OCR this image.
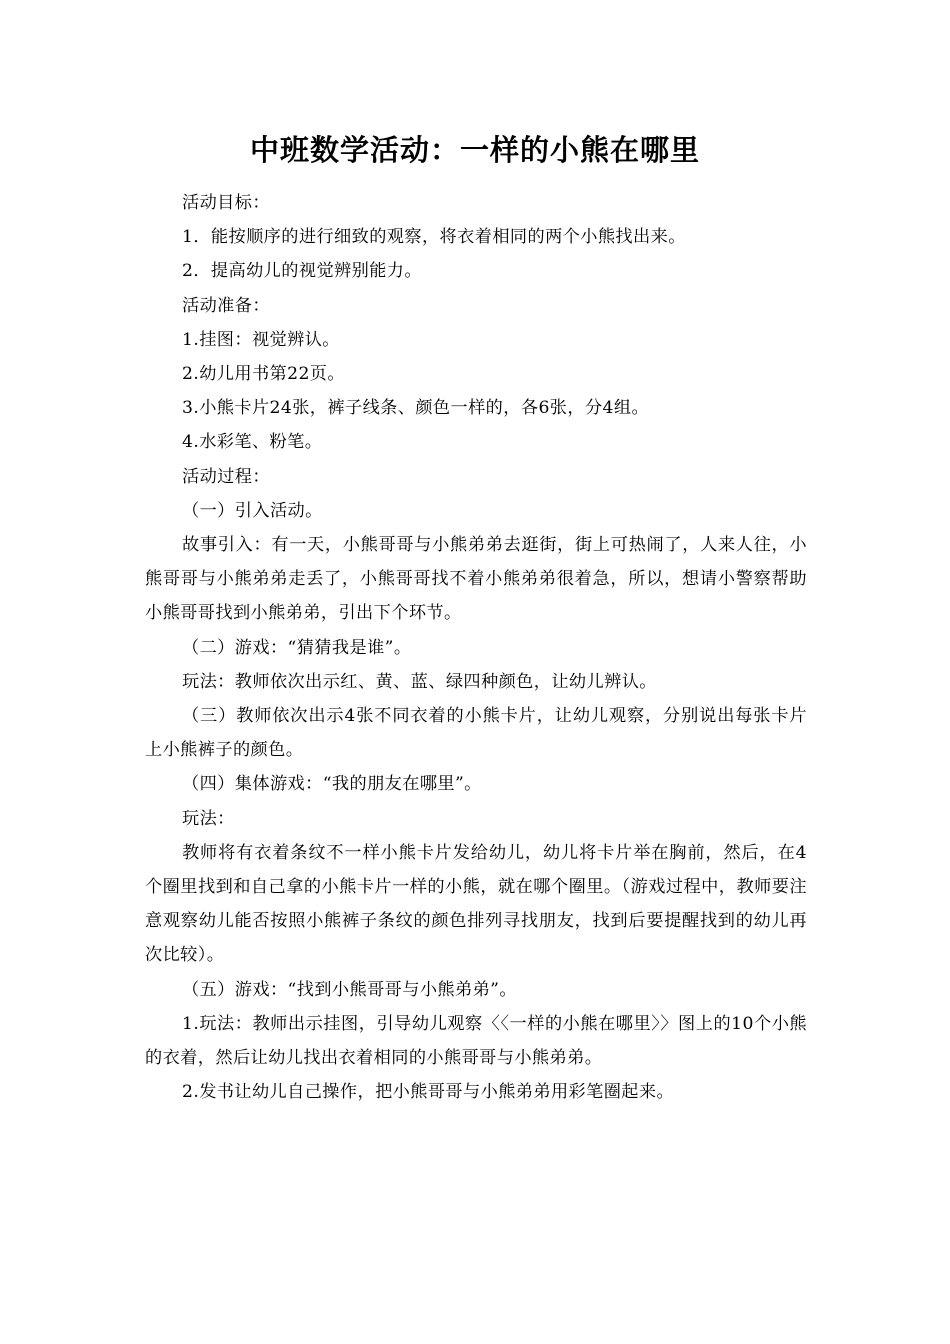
中班数学活动：一样的小熊在哪里

活动目标：

1．能按顺序的进行细致的观察，将衣着相同的两个小熊找出来。

2．提高幼儿的视觉辨别能力。

活动准备：

1.挂图：视觉辨认。

2.幼儿用书第22页。

3.小熊卡片24张，裤子线条、颜色一样的，各6张，分4组。

4.水彩笔、粉笔。

活动过程：

（一）引入活动。

故事引入：有一天，小熊哥哥与小熊弟弟去逛街，街上可热闹了，人来人往，小熊哥哥与小熊弟弟走丢了，小熊哥哥找不着小熊弟弟很着急，所以，想请小警察帮助小熊哥哥找到小熊弟弟，引出下个环节。

（二）游戏：“猜猜我是谁”。

玩法：教师依次出示红、黄、蓝、绿四种颜色，让幼儿辨认。

（三）教师依次出示4张不同衣着的小熊卡片，让幼儿观察，分别说出每张卡片上小熊裤子的颜色。

（四）集体游戏：“我的朋友在哪里”。

玩法：

教师将有衣着条纹不一样小熊卡片发给幼儿，幼儿将卡片举在胸前，然后，在4个圈里找到和自己拿的小熊卡片一样的小熊，就在哪个圈里。（游戏过程中，教师要注意观察幼儿能否按照小熊裤子条纹的颜色排列寻找朋友，找到后要提醒找到的幼儿再次比较）。

（五）游戏：“找到小熊哥哥与小熊弟弟”。

1.玩法：教师出示挂图，引导幼儿观察〈〈一样的小熊在哪里〉〉图上的10个小熊的衣着，然后让幼儿找出衣着相同的小熊哥哥与小熊弟弟。

2.发书让幼儿自己操作，把小熊哥哥与小熊弟弟用彩笔圈起来。
